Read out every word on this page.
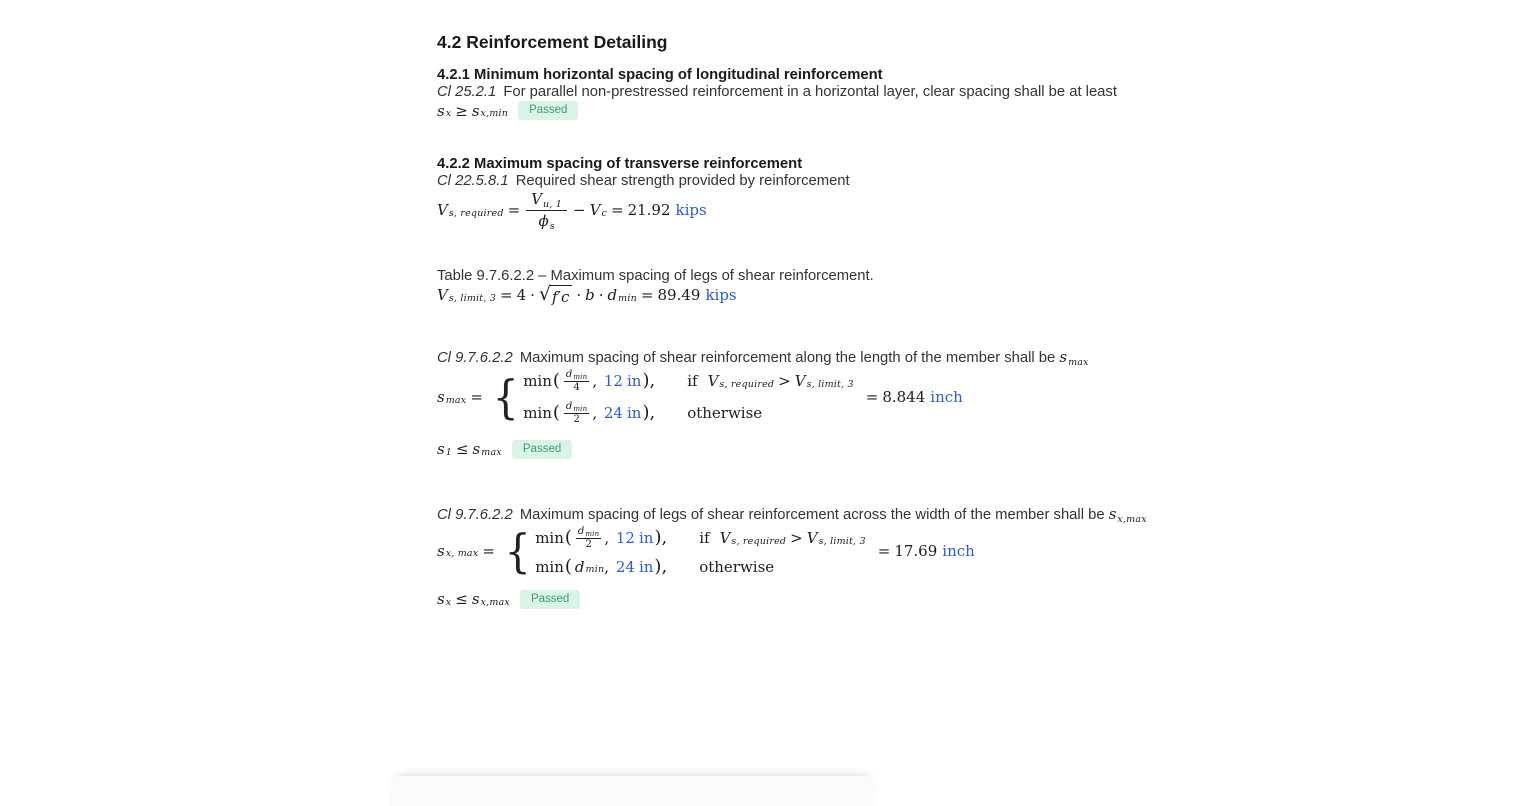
4.2 Reinforcement Detailing
4.2.1 Minimum horizontal spacing of longitudinal reinforcement

Cl 25.2.1 For parallel non-prestressed reinforcement in a horizontal layer, clear spacing shall be at least

$s_x \ge s_{x,min}$	Passed
4.2.2 Maximum spacing of transverse reinforcement

Cl 22.5.8.1 Required shear strength provided by reinforcement

$V_{s, required} = \frac{V_{u, 1}}{\phi_s} - V_c = 21.92$ kips

Table 9.7.6.2.2 – Maximum spacing of legs of shear reinforcement.

$V_{s, limit, 3} = 4$ · √ $f'c \cdot b \cdot d_{min} = 89.49$ kips

Cl 9.7.6.2.2 Maximum spacing of shear reinforcement along the length of the member shall be $s_{max}$

$s_{max}$ = { min ( $d_{min}$
4 ,
12 in ), if $V_{s, required} > V_{s, limit, 3}$
min ( $d_{min}$
2 ,
24 in ), otherwise
= 8.844 inch
$s_1 \le s_{max}$	Passed

Cl 9.7.6.2.2 Maximum spacing of legs of shear reinforcement across the width of the member shall be $s_{x,max}$

$s_{x, max}$ = { min ( $d_{min}$
2 ,
12 in ), if $V_{s, required} > V_{s, limit, 3}$
min ( $d_{min}$ ,
24 in ), otherwise
= 17.69 inch
$s_x \le s_{x,max}$	Passed
